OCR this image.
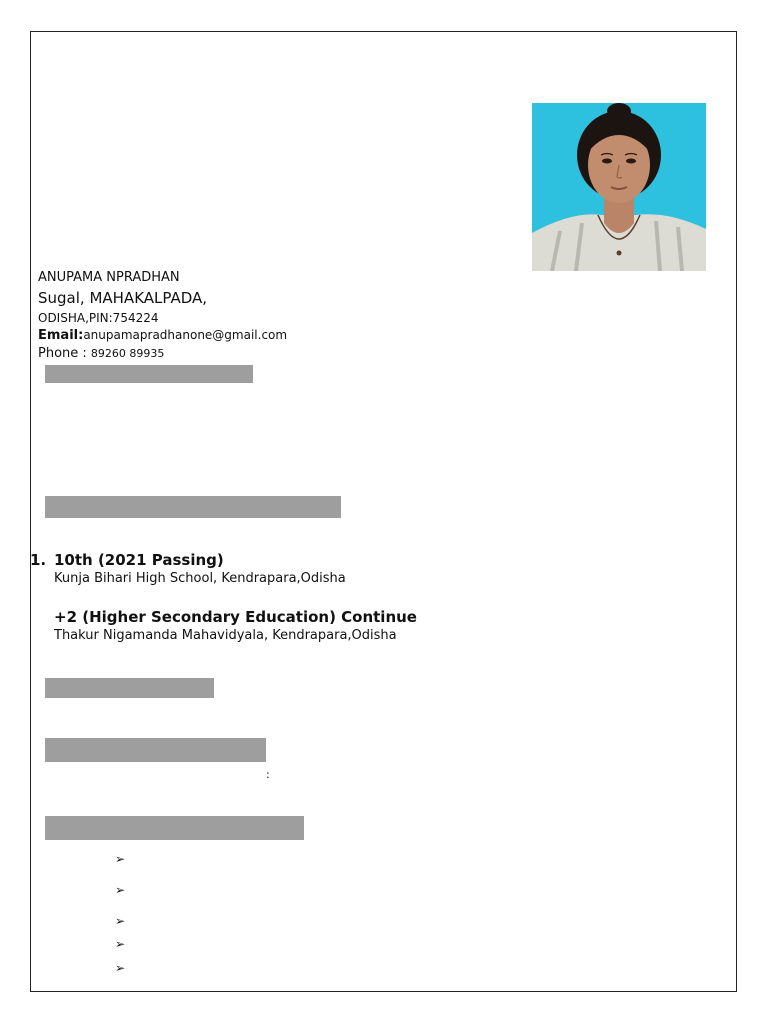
ANUPAMA NPRADHAN
Sugal, MAHAKALPADA,
ODISHA,PIN:754224
Email:anupamapradhanone@gmail.com
Phone : 89260 89935
1. 10th (2021 Passing)
Kunja Bihari High School, Kendrapara,Odisha
+2 (Higher Secondary Education) Continue
Thakur Nigamanda Mahavidyala, Kendrapara,Odisha
:
➢
➢
➢
➢
➢
